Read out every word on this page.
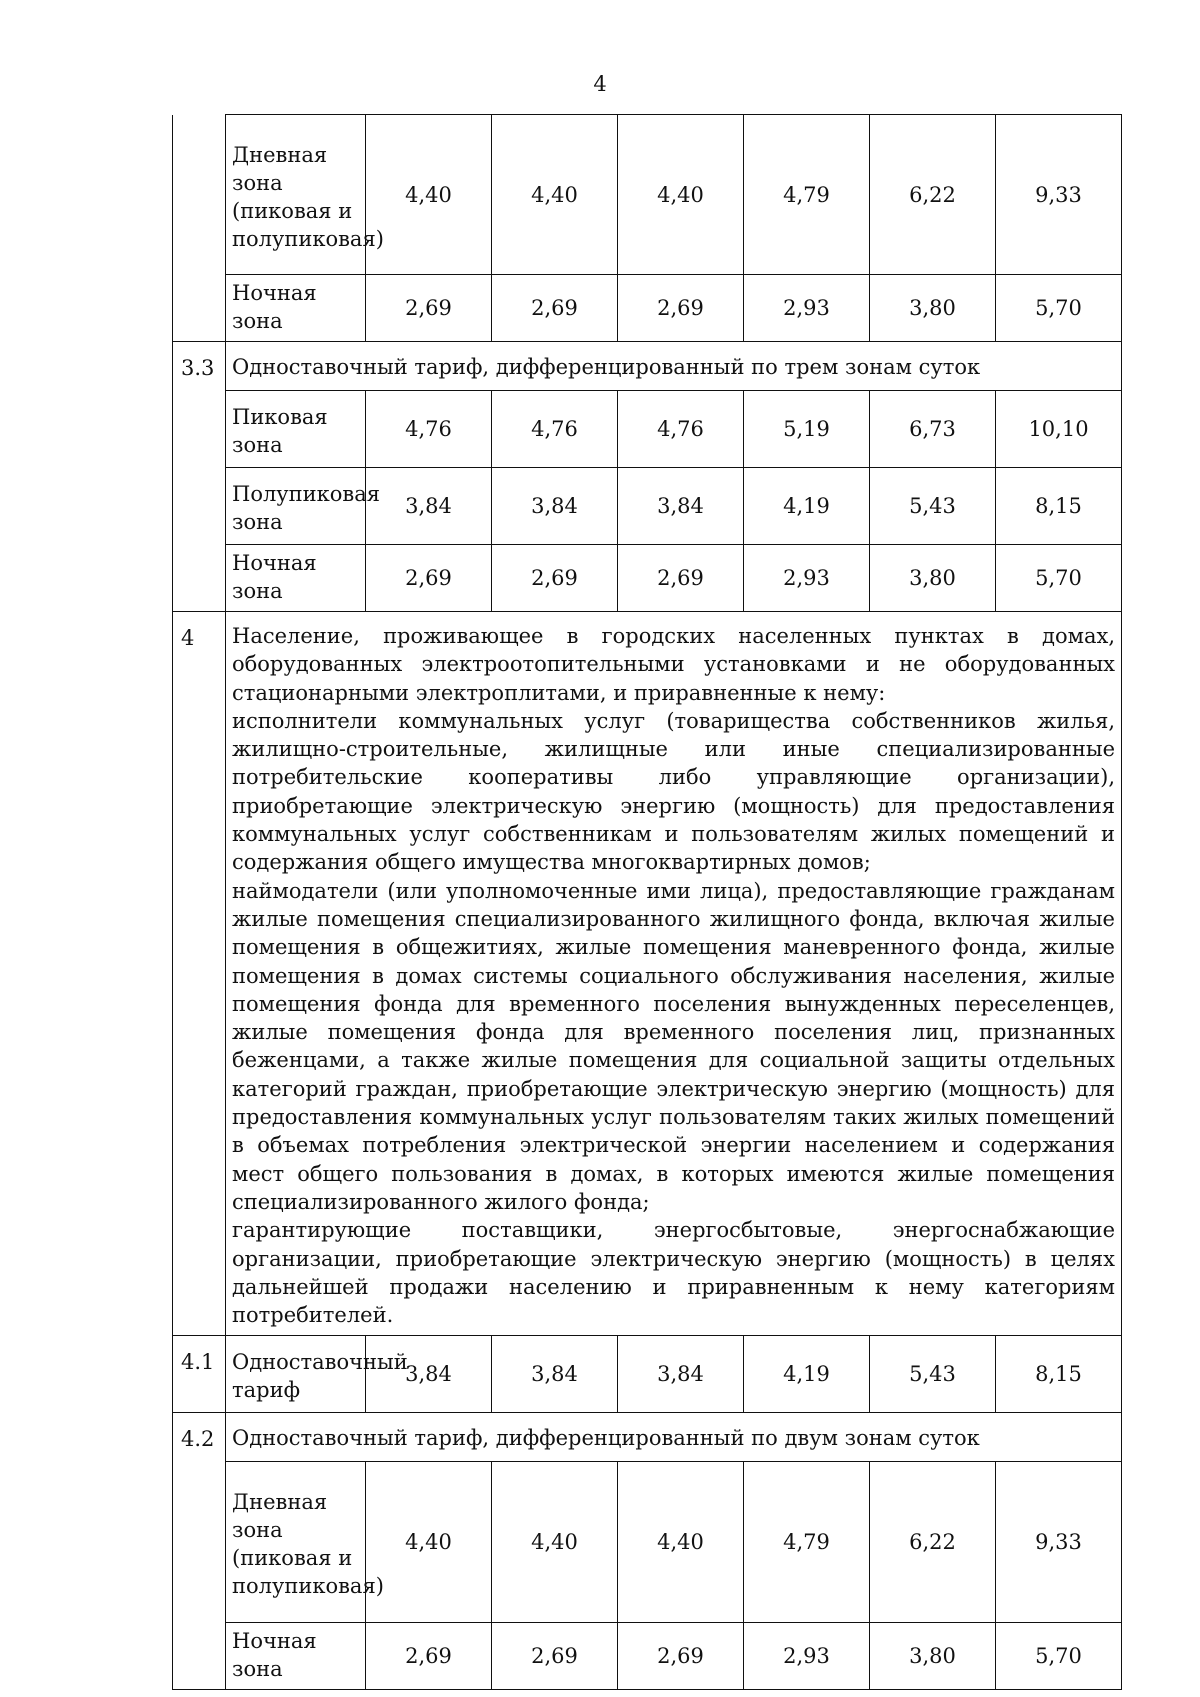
4
	Дневная зона (пиковая и полупиковая)	4,40	4,40	4,40	4,79	6,22	9,33
	Ночная зона	2,69	2,69	2,69	2,93	3,80	5,70
3.3	Одноставочный тариф, дифференцированный по трем зонам суток						
	Пиковая зона	4,76	4,76	4,76	5,19	6,73	10,10
	Полупиковая зона	3,84	3,84	3,84	4,19	5,43	8,15
	Ночная зона	2,69	2,69	2,69	2,93	3,80	5,70
4	Население, проживающее в городских населенных пунктах в домах, оборудованных электроотопительными установками и не оборудованных стационарными электроплитами, и приравненные к нему:

исполнители коммунальных услуг (товарищества собственников жилья, жилищно-строительные, жилищные или иные специализированные потребительские кооперативы либо управляющие организации), приобретающие электрическую энергию (мощность) для предоставления коммунальных услуг собственникам и пользователям жилых помещений и содержания общего имущества многоквартирных домов;

наймодатели (или уполномоченные ими лица), предоставляющие гражданам жилые помещения специализированного жилищного фонда, включая жилые помещения в общежитиях, жилые помещения маневренного фонда, жилые помещения в домах системы социального обслуживания населения, жилые помещения фонда для временного поселения вынужденных переселенцев, жилые помещения фонда для временного поселения лиц, признанных беженцами, а также жилые помещения для социальной защиты отдельных категорий граждан, приобретающие электрическую энергию (мощность) для предоставления коммунальных услуг пользователям таких жилых помещений в объемах потребления электрической энергии населением и содержания мест общего пользования в домах, в которых имеются жилые помещения специализированного жилого фонда;

гарантирующие поставщики, энергосбытовые, энергоснабжающие организации, приобретающие электрическую энергию (мощность) в целях дальнейшей продажи населению и приравненным к нему категориям потребителей.						

4.1	Одноставочный тариф	3,84	3,84	3,84	4,19	5,43	8,15
4.2	Одноставочный тариф, дифференцированный по двум зонам суток						
	Дневная зона (пиковая и полупиковая)	4,40	4,40	4,40	4,79	6,22	9,33
	Ночная зона	2,69	2,69	2,69	2,93	3,80	5,70
